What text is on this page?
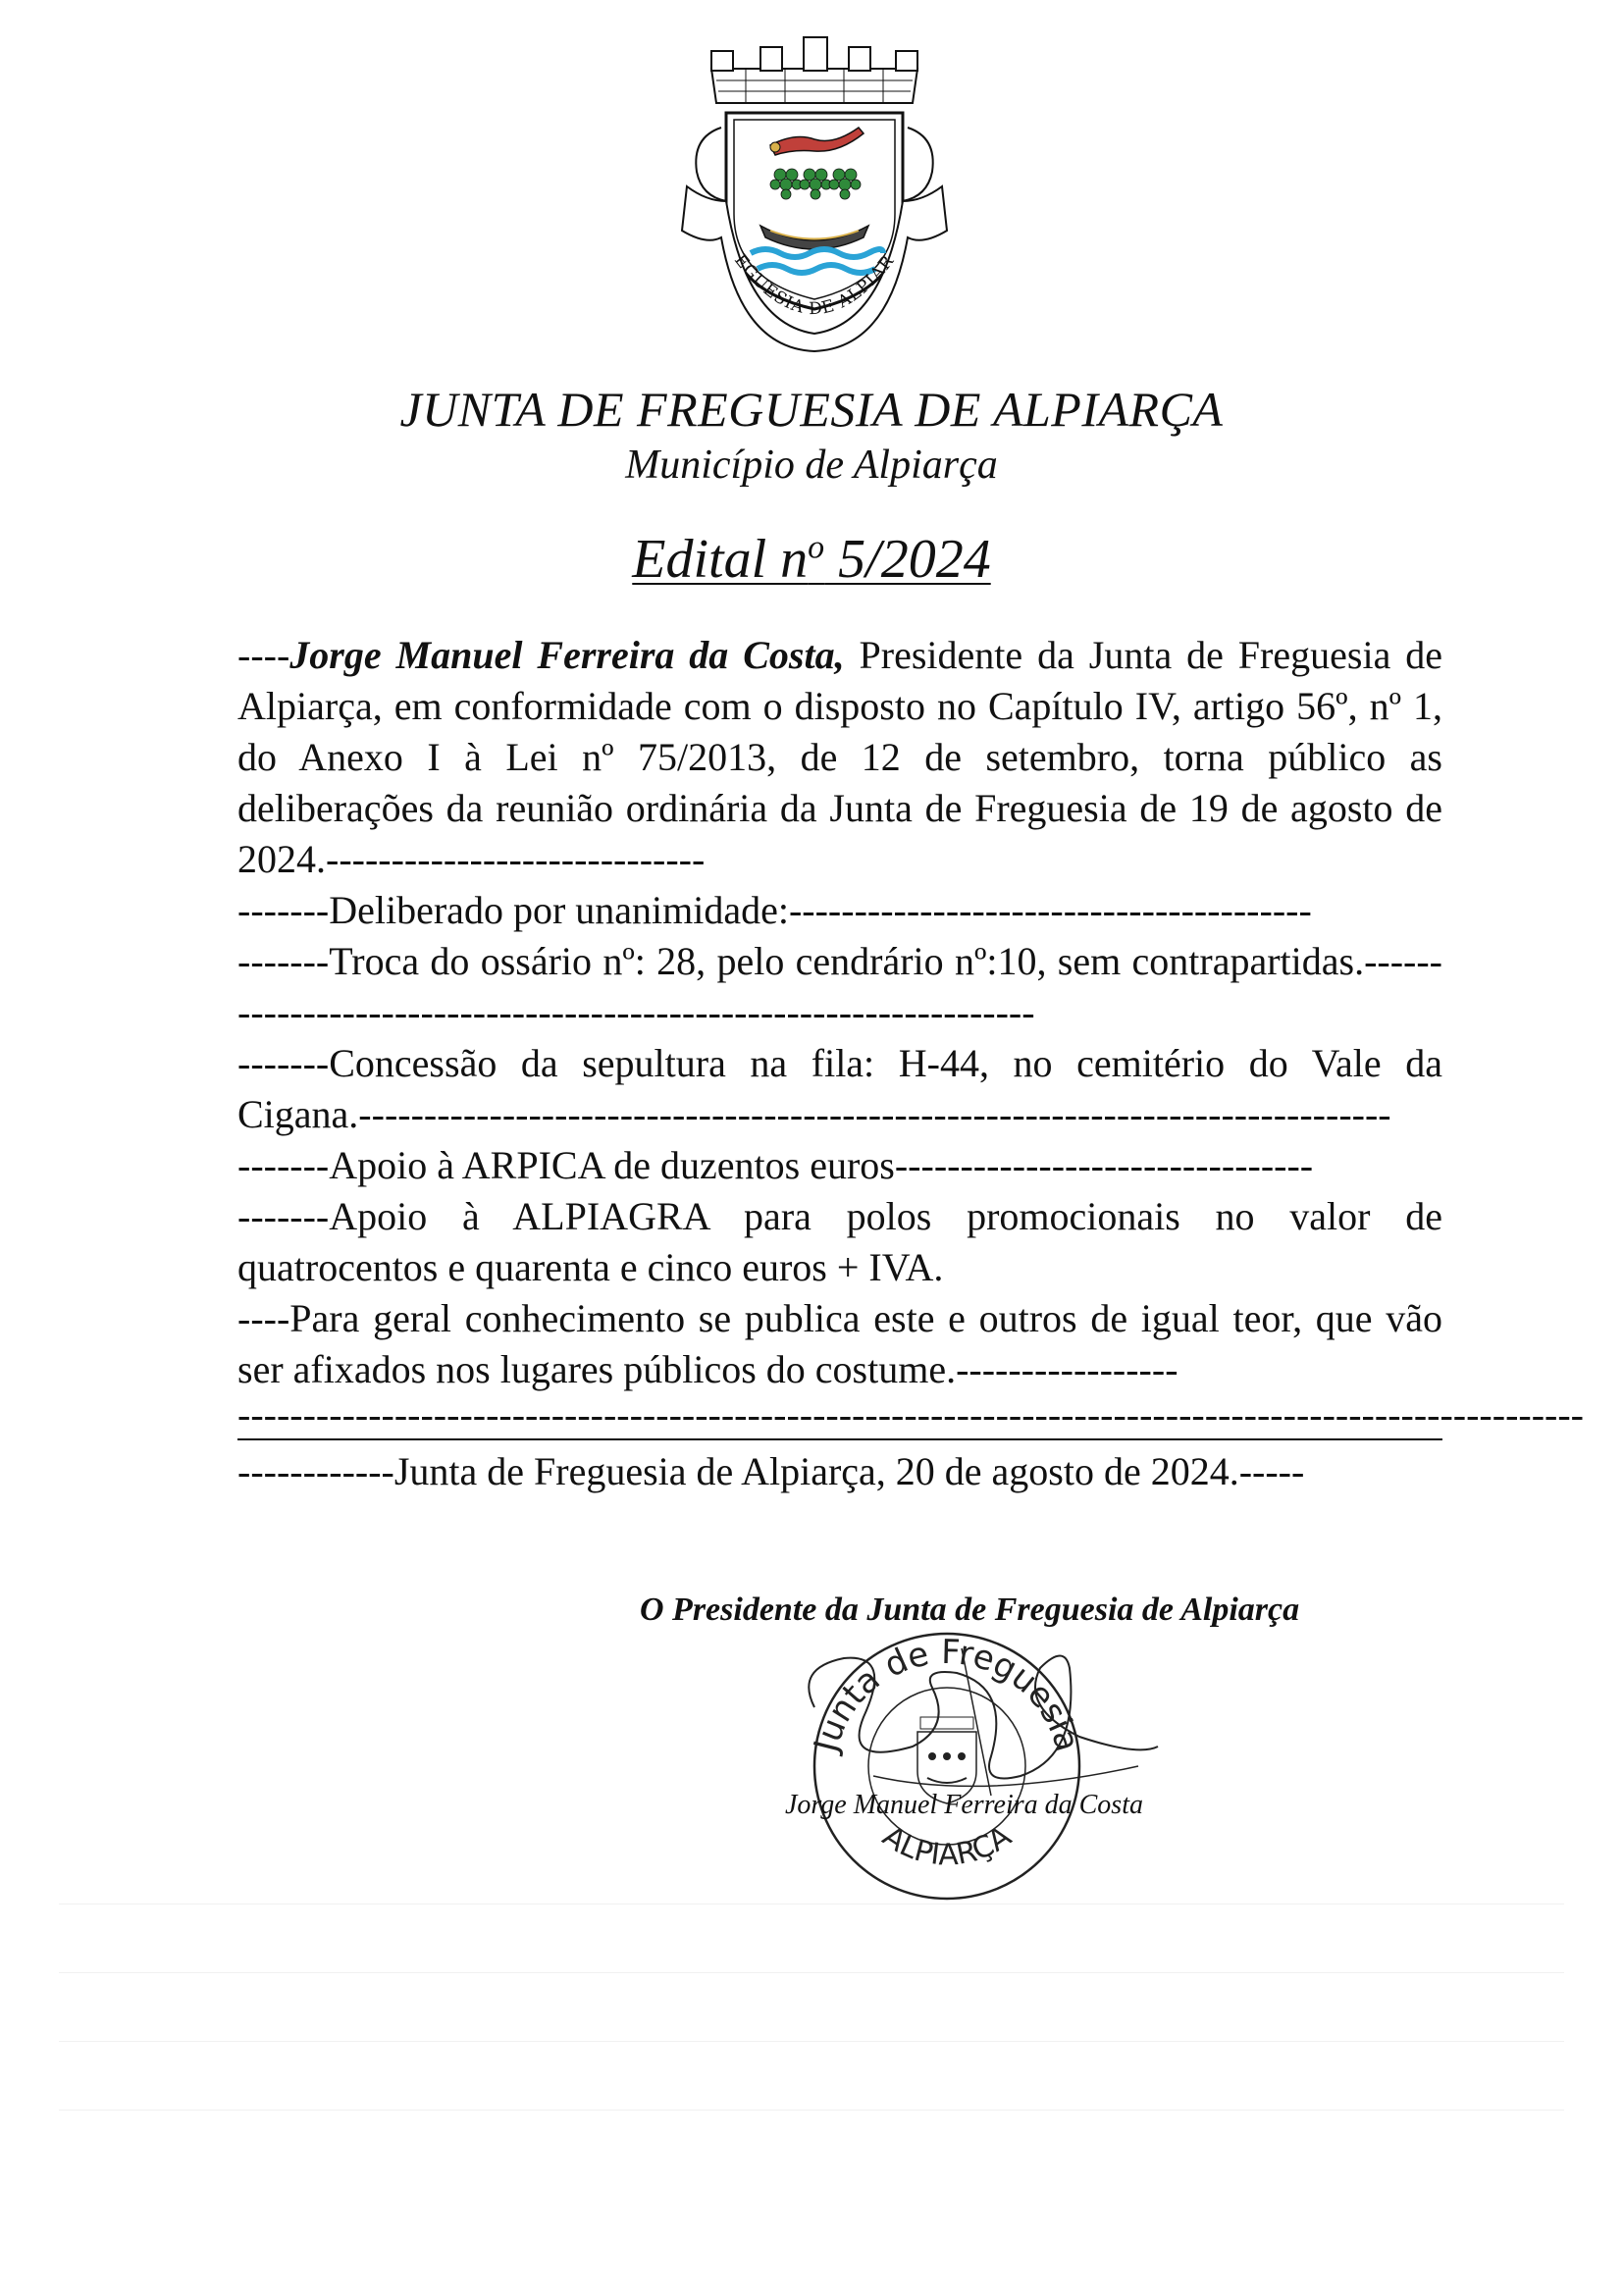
EGUESIA DE ALPIAR
JUNTA DE FREGUESIA DE ALPIARÇA
Município de Alpiarça
Edital $n^o$ 5/2024

----Jorge Manuel Ferreira da Costa, Presidente da Junta de Freguesia de Alpiarça, em conformidade com o disposto no Capítulo IV, artigo 56º, nº 1, do Anexo I à Lei nº 75/2013, de 12 de setembro, torna público as deliberações da reunião ordinária da Junta de Freguesia de 19 de agosto de 2024.-----------------------------

-------Deliberado por unanimidade:----------------------------------------

-------Troca do ossário nº: 28, pelo cendrário nº:10, sem contrapartidas.-------------------------------------------------------------------

-------Concessão da sepultura na fila: H-44, no cemitério do Vale da Cigana.-------------------------------------------------------------------------------

-------Apoio à ARPICA de duzentos euros--------------------------------

-------Apoio à ALPIAGRA para polos promocionais no valor de quatrocentos e quarenta e cinco euros + IVA.

----Para geral conhecimento se publica este e outros de igual teor, que vão ser afixados nos lugares públicos do costume.-----------------

-------------------------------------------------------------------------------------------------------

------------Junta de Freguesia de Alpiarça, 20 de agosto de 2024.-----

O Presidente da Junta de Freguesia de Alpiarça
Junta de Freguesia
ALPIARÇA
Jorge Manuel Ferreira da Costa
